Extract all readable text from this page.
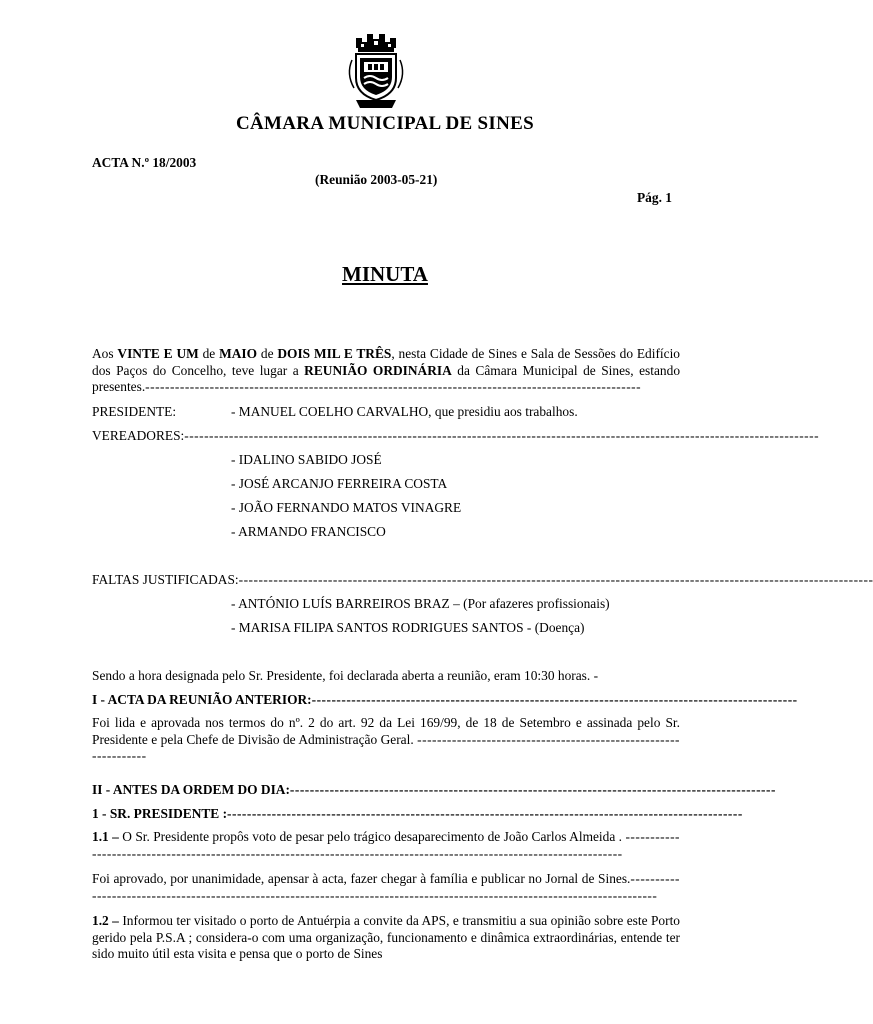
CÂMARA MUNICIPAL DE SINES
ACTA N.º 18/2003
(Reunião 2003-05-21)
Pág. 1
MINUTA
Aos VINTE E UM de MAIO de DOIS MIL E TRÊS, nesta Cidade de Sines e Sala de Sessões do Edifício dos Paços do Concelho, teve lugar a REUNIÃO ORDINÁRIA da Câmara Municipal de Sines, estando presentes.----------------------------------------------------------------------------------------------------
PRESIDENTE:	- MANUEL COELHO CARVALHO, que presidiu aos trabalhos.
VEREADORES: --------------------------------------------------------------------------------------------------------------------------------
- IDALINO SABIDO JOSÉ
- JOSÉ ARCANJO FERREIRA COSTA
- JOÃO FERNANDO MATOS VINAGRE
- ARMANDO FRANCISCO
FALTAS JUSTIFICADAS: --------------------------------------------------------------------------------------------------------------------------------
- ANTÓNIO LUÍS BARREIROS BRAZ – (Por afazeres profissionais)
- MARISA FILIPA SANTOS RODRIGUES SANTOS - (Doença)
Sendo a hora designada pelo Sr. Presidente, foi declarada aberta a reunião, eram 10:30 horas. -
I - ACTA DA REUNIÃO ANTERIOR: --------------------------------------------------------------------------------------------------
Foi lida e aprovada nos termos do nº. 2 do art. 92 da Lei 169/99, de 18 de Setembro e assinada pelo Sr. Presidente e pela Chefe de Divisão de Administração Geral. ----------------------------------------------------------------
II - ANTES DA ORDEM DO DIA: --------------------------------------------------------------------------------------------------
1 - SR. PRESIDENTE : --------------------------------------------------------------------------------------------------------
1.1 – O Sr. Presidente propôs voto de pesar pelo trágico desaparecimento de João Carlos Almeida . ----------------------------------------------------------------------------------------------------------------------
Foi aprovado, por unanimidade, apensar à acta, fazer chegar à família e publicar no Jornal de Sines.----------------------------------------------------------------------------------------------------------------------------
1.2 – Informou ter visitado o porto de Antuérpia a convite da APS, e transmitiu a sua opinião sobre este Porto gerido pela P.S.A ; considera-o com uma organização, funcionamento e dinâmica extraordinárias, entende ter sido muito útil esta visita e pensa que o porto de Sines
